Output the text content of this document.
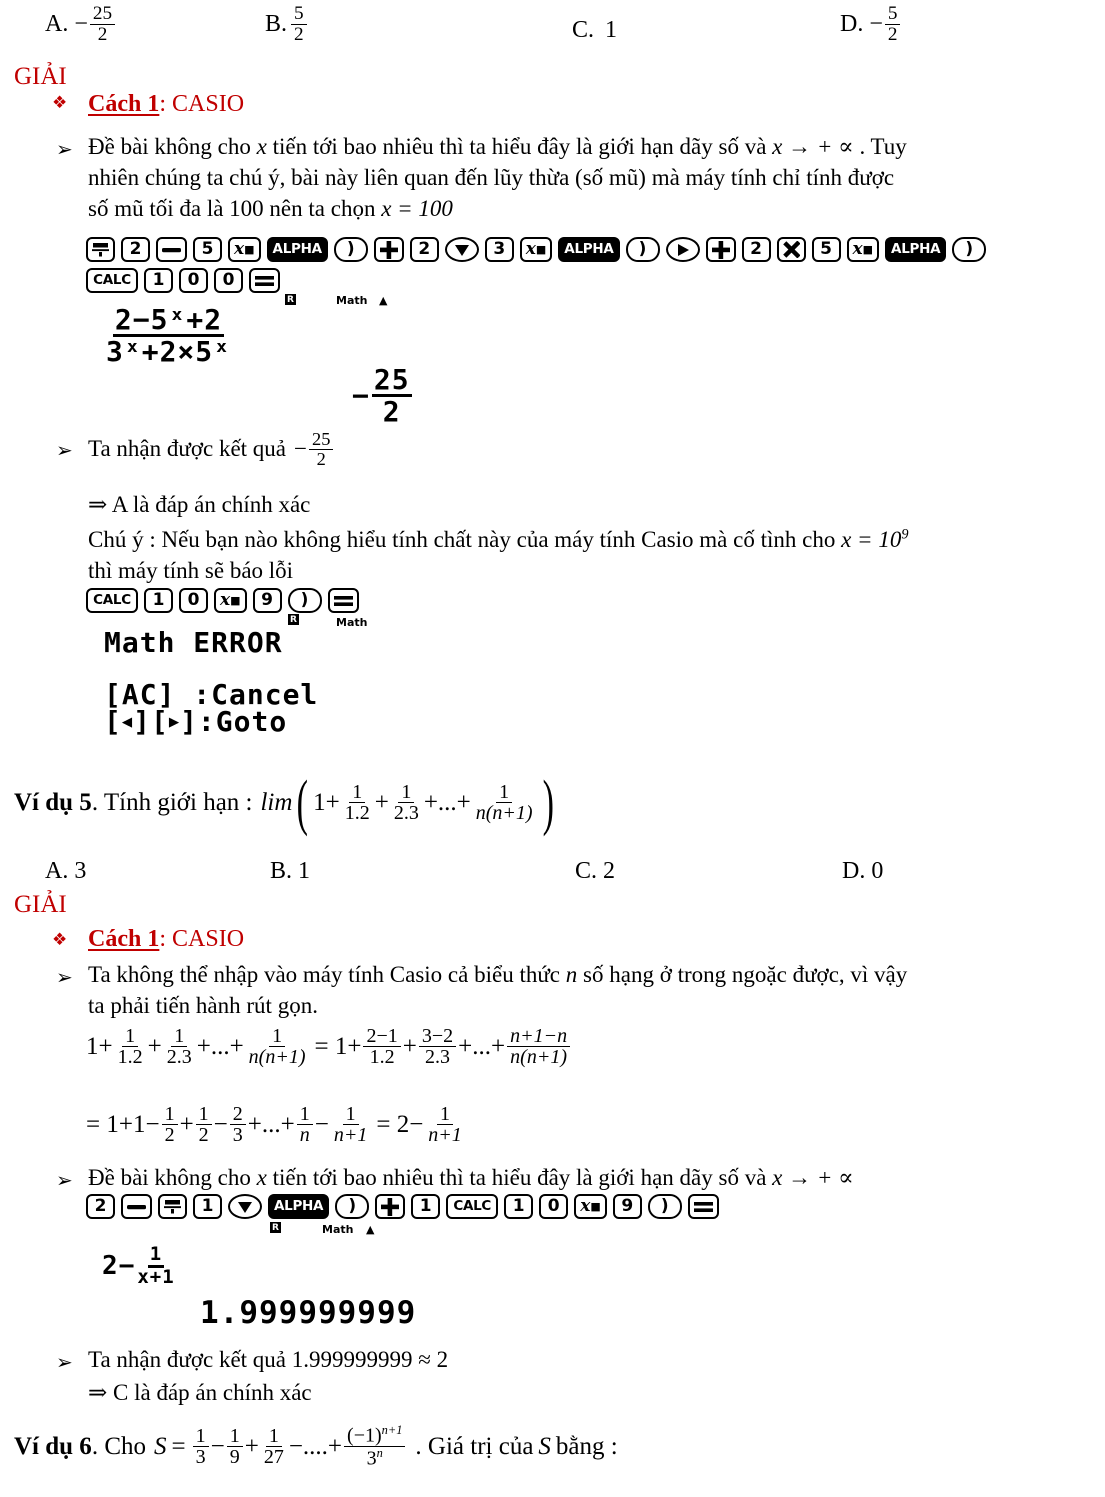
A. − $\frac{25}{2}$	B. $\frac{5}{2}$	C. 1	D. − $\frac{5}{2}$
GIẢI
❖ Cách 1: CASIO
➢ Đề bài không cho x tiến tới bao nhiêu thì ta hiểu đây là giới hạn dãy số và x → + ∝ . Tuy
nhiên chúng ta chú ý, bài này liên quan đến lũy thừa (số mũ) mà máy tính chỉ tính được
số mũ tối đa là 100 nên ta chọn x = 100
2	5	x ■	ALPHA	)	2	3	x ■	ALPHA	)	2	5	x ■	ALPHA	)
CALC	1	0	0
R	Math ▲
$\frac{\text{2−5ˣ+2}}{\text{3ˣ+2×5ˣ}}$
− $\frac{25}{2}$
➢ Ta nhận được kết quả − $\frac{25}{2}$
⇒ A là đáp án chính xác
Chú ý : Nếu bạn nào không hiểu tính chất này của máy tính Casio mà cố tình cho $x = 10^9$
thì máy tính sẽ báo lỗi
CALC	1	0	x ■	9	)
R	Math
Math ERROR
[AC] :Cancel
[ ◀ ][ ▶ ]:Goto
Ví dụ 5 . Tính giới hạn : lim ( $1+ \frac{1}{1.2} + \frac{1}{2.3}$ +...+ $\frac{1}{n(n+1)}$ )
A. 3	B. 1	C. 2	D. 0
GIẢI
❖ Cách 1: CASIO
➢ Ta không thể nhập vào máy tính Casio cả biểu thức n số hạng ở trong ngoặc được, vì vậy
ta phải tiến hành rút gọn.
$1+ \frac{1}{1.2} + \frac{1}{2.3}$ +...+ $\frac{1}{n(n+1)} = 1+ \frac{2-1}{1.2} + \frac{3-2}{2.3}$ +...+ $\frac{n+1-n}{n(n+1)}$
= $1+1- \frac{1}{2} + \frac{1}{2} - \frac{2}{3}$ +...+ $\frac{1}{n} - \frac{1}{n+1} = 2- \frac{1}{n+1}$
➢ Đề bài không cho x tiến tới bao nhiêu thì ta hiểu đây là giới hạn dãy số và x → + ∝
2	1	ALPHA	)	1	CALC	1	0	x ■	9	)
R	Math ▲
$2- \frac{1}{x+1}$
1.999999999
➢ Ta nhận được kết quả 1.999999999 ≈ 2
⇒ C là đáp án chính xác
Ví dụ 6 . Cho $S = \frac{1}{3} - \frac{1}{9} + \frac{1}{27}$ −....+ $\frac{(-1)^{n+1}}{3^n}$ . Giá trị của S bằng :
